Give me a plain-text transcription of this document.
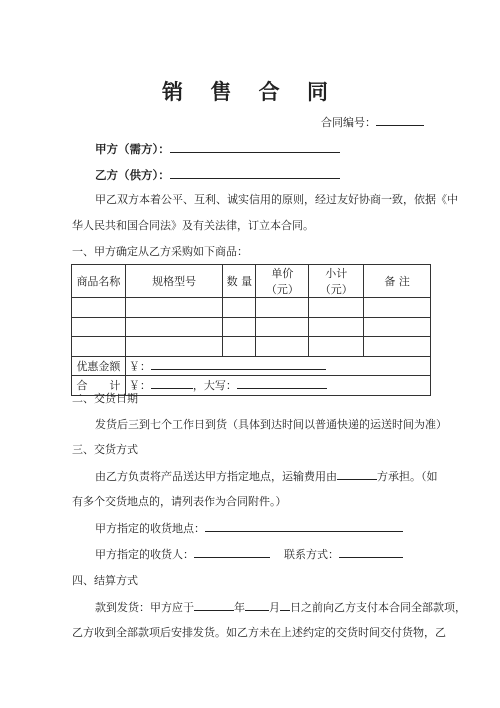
销 售 合 同
合同编号：
甲方（需方）：
乙方（供方）：
甲乙双方本着公平、互利、诚实信用的原则，经过友好协商一致，依据《中
华人民共和国合同法》及有关法律，订立本合同。
一、甲方确定从乙方采购如下商品：
商品名称	规格型号	数 量	单价（元）	小计（元）	备 注

优惠金额	￥：				
合　　计	￥： ，大写：				
二、交货日期
发货后三到七个工作日到货（具体到达时间以普通快递的运送时间为准）
三、交货方式
由乙方负责将产品送达甲方指定地点，运输费用由	方承担。（如
有多个交货地点的，请列表作为合同附件。）
甲方指定的收货地点：
甲方指定的收货人：	联系方式：
四、结算方式
款到发货：甲方应于	年 月 日之前向乙方支付本合同全部款项，
乙方收到全部款项后安排发货。如乙方未在上述约定的交货时间交付货物，乙
